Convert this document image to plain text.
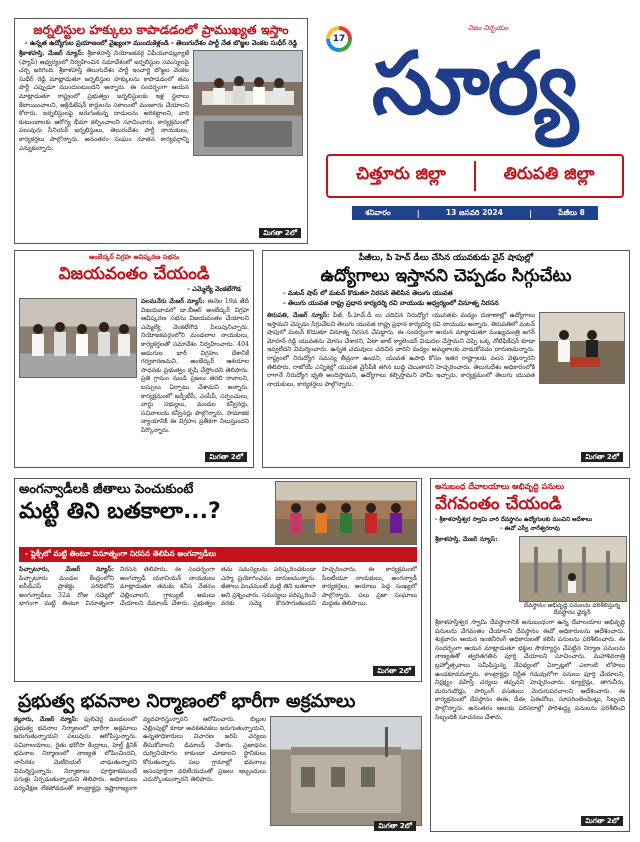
జర్నలిస్టుల హక్కులు కాపాడడంలో ప్రాముఖ్యత ఇస్తాం
- ఉన్నత ఉద్యోగుల ప్రయాణంలో వైఖ్యంగా ముందుకెళ్లండి - తెలుగుదేశం పార్టీ నేత బొజ్జల వెంకట సుధీర్ రెడ్డి
శ్రీకాళహస్తి, మేజర్ న్యూస్: శ్రీకాళహస్తి నియోజకవర్గ ఏపీయూడబ్ల్యూజే (ఫ్యాప్) ఆధ్వర్యంలో నిర్వహించిన సమావేశంలో జర్నలిస్టుల సమస్యలపై చర్చ జరిగింది. శ్రీకాళహస్తి తెలుగుదేశం పార్టీ ఇంచార్జి బొజ్జల వెంకట సుధీర్ రెడ్డి మాట్లాడుతూ జర్నలిస్టుల హక్కులను కాపాడడంలో తమ పార్టీ ఎప్పుడూ ముందుంటుందని అన్నారు. ఈ సందర్భంగా ఆయన మాట్లాడుతూ రాష్ట్రంలో ప్రభుత్వం జర్నలిస్టులకు ఇళ్ల స్థలాలు కేటాయించాలని, అక్రిడిటేషన్ కార్డులను సకాలంలో మంజూరు చేయాలని కోరారు. జర్నలిస్టులపై జరుగుతున్న దాడులను అరికట్టాలని, వారి కుటుంబాలకు ఆరోగ్య భీమా కల్పించాలని సూచించారు. కార్యక్రమంలో పలువురు సీనియర్ జర్నలిస్టులు, తెలుగుదేశం పార్టీ నాయకులు, కార్యకర్తలు పాల్గొన్నారు. అనంతరం సంఘం నూతన కార్యవర్గాన్ని ఎన్నుకున్నారు.
మిగతా 2లో
17
నిజం నిర్భయం
సూర్య
చిత్తూరు జిల్లా	తిరుపతి జిల్లా
శనివారం	|	13 జనవరి 2024	|	పేజీలు 8
అంబేద్కర్ విగ్రహ ఆవిష్కరణ సభను
విజయవంతం చేయండి
- ఎమ్మెల్యే వెంకటేగౌడ
పలమనేరు మేజర్ న్యూస్: ఈనెల 19వ తేదీ విజయవాడలో డా.బీఆర్ అంబేద్కర్ విగ్రహ ఆవిష్కరణ సభను విజయవంతం చేయాలని ఎమ్మెల్యే వెంకటేగౌడ పిలుపునిచ్చారు. నియోజకవర్గంలోని మండలాల నాయకులు, కార్యకర్తలతో సమావేశం నిర్వహించారు. 404 అడుగుల భారీ విగ్రహం దేశానికే గర్వకారణమని, అంబేద్కర్ ఆశయాల సాధనకు ప్రభుత్వం కృషి చేస్తోందని తెలిపారు. ప్రతి గ్రామం నుండి ప్రజలు తరలి రావాలని, బస్సులు ఏర్పాటు చేశామని అన్నారు. కార్యక్రమంలో జడ్పీటీసీ, ఎంపీపీ, సర్పంచులు, వార్డు సభ్యులు, మండల కన్వీనర్లు, సచివాలయ కన్వీనర్లు పాల్గొన్నారు. సామాజిక న్యాయానికి ఈ విగ్రహం ప్రతీకగా నిలుస్తుందని పేర్కొన్నారు.
మిగతా 2లో
పీజీలు, పి హెచ్ డీలు చేసిన యువకుడు వైన్ షాపుల్లో
ఉద్యోగాలు ఇస్తానని చెప్పడం సిగ్గుచేటు
- మటన్ షాప్ లో మటన్ కొడుతూ నిరసన తెలిపిన తెలుగు యువత
- తెలుగు యువత రాష్ట్ర ప్రధాన కార్యదర్శి రవి నాయుడు ఆధ్వర్యంలో వినూత్న నిరసన
తిరుపతి, మేజర్ న్యూస్: పీజీ, పీ.హెచ్.డీ లు చదివిన నిరుద్యోగ యువతకు మద్యం దుకాణాల్లో ఉద్యోగాలు ఇస్తామని చెప్పడం సిగ్గుచేటని తెలుగు యువత రాష్ట్ర ప్రధాన కార్యదర్శి రవి నాయుడు అన్నారు. తిరుపతిలో మటన్ షాపులో మటన్ కొడుతూ వినూత్న నిరసన చేపట్టారు. ఈ సందర్భంగా ఆయన మాట్లాడుతూ ముఖ్యమంత్రి జగన్ మోహన్ రెడ్డి యువతను మోసం చేశారని, ఏటా జాబ్ క్యాలెండర్ విడుదల చేస్తామని చెప్పి ఒక్క నోటిఫికేషన్ కూడా ఇవ్వలేదని విమర్శించారు. ఉన్నత చదువులు చదివిన వారిని మద్యం అమ్మకాలకు వాడుకోవడం దారుణమన్నారు. రాష్ట్రంలో నిరుద్యోగ సమస్య తీవ్రంగా ఉందని, యువత ఉపాధి కోసం ఇతర రాష్ట్రాలకు వలస వెళ్తున్నారని తెలిపారు. రాబోయే ఎన్నికల్లో యువత వైసీపీకి తగిన బుద్ధి చెబుతారని హెచ్చరించారు. తెలుగుదేశం అధికారంలోకి రాగానే నిరుద్యోగ భృతి అందిస్తామని, ఉద్యోగాలు కల్పిస్తామని హామీ ఇచ్చారు. కార్యక్రమంలో తెలుగు యువత నాయకులు, కార్యకర్తలు పాల్గొన్నారు.
మిగతా 2లో
అంగన్వాడీలకి జీతాలు పెంచుకుంటే
మట్టి తిని బతకాలా...?
- ఫ్లెక్సీలో మట్టి తింటూ వినూత్నంగా నిరసన తెలిపిన అంగన్వాడీలు
పిచ్చాటూరు, మేజర్ న్యూస్: పిచ్చాటూరు మండల కేంద్రంలోని ఐసీడీఎస్ ప్రాజెక్టు పరిధిలోని అంగన్వాడీలు 32వ రోజు సమ్మెలో భాగంగా మట్టి తింటూ వినూత్నంగా నిరసన తెలిపారు. ఈ సందర్భంగా అంగన్వాడీ యూనియన్ నాయకులు మాట్లాడుతూ తమకు కనీస వేతనం చెల్లించాలని, గ్రాట్యుటీ అమలు చేయాలని డిమాండ్ చేశారు. ప్రభుత్వం తమ సమస్యలను పరిష్కరించకుండా ఎస్మా ప్రయోగించడం దారుణమన్నారు. జీతాలు పెంచమంటే మట్టి తిని బతకాలా అని ప్రశ్నించారు. సమస్యలు పరిష్కరించే వరకు సమ్మె కొనసాగుతుందని హెచ్చరించారు. ఈ కార్యక్రమంలో సీఐటీయూ నాయకులు, అంగన్వాడీ కార్యకర్తలు, ఆయాలు పెద్ద సంఖ్యలో పాల్గొన్నారు. పలు ప్రజా సంఘాలు మద్దతు తెలిపాయి.
మిగతా 2లో
అనుబంధ దేవాలయాలు అభివృద్ధి పనులు
వేగవంతం చేయండి
- శ్రీకాళహస్తీశ్వర స్వామి వారి దేవస్థానం ఉద్యోగులకు మంచిని ఆదేశాలు
- ఈవో ఎస్వీ నాగేశ్వరరావు
శ్రీకాళహస్తి, మేజర్ న్యూస్:
దేవస్థానం అభివృద్ధి పనులను పరిశీలిస్తున్న దేవస్థానం ఛైర్మన్
శ్రీకాళహస్తీశ్వర స్వామి దేవస్థానానికి అనుబంధంగా ఉన్న దేవాలయాల అభివృద్ధి పనులను వేగవంతం చేయాలని దేవస్థానం ఈవో అధికారులను ఆదేశించారు. శుక్రవారం ఆయన ఇంజినీరింగ్ అధికారులతో కలిసి పనులను పరిశీలించారు. ఈ సందర్భంగా ఆయన మాట్లాడుతూ భక్తుల సౌకర్యార్థం చేపట్టిన నిర్మాణ పనులను నాణ్యతతో త్వరితగతిన పూర్తి చేయాలని సూచించారు. మహాశివరాత్రి బ్రహ్మోత్సవాలు సమీపిస్తున్న నేపథ్యంలో ఏర్పాట్లలో ఎలాంటి లోపాలు ఉండకూడదన్నారు. కాంట్రాక్టర్లు నిర్ణీత గడువులోగా పనులు పూర్తి చేయాలని, నిర్లక్ష్యం వహిస్తే చర్యలు తప్పవని హెచ్చరించారు. క్యూలైన్లు, తాగునీరు, మరుగుదొడ్లు, పార్కింగ్ వసతులు మెరుగుపరచాలని ఆదేశించారు. ఈ కార్యక్రమంలో దేవస్థానం ఈఈ, డీఈ, ఏఈవోలు, సూపరింటెండెంట్లు, సిబ్బంది పాల్గొన్నారు. అనంతరం ఆలయ పరిసరాల్లో పారిశుద్ధ్య పనులను పరిశీలించి సిబ్బందికి సూచనలు చేశారు.
మిగతా 2లో
ప్రభుత్వ భవనాల నిర్మాణంలో భారీగా అక్రమాలు
కల్లూరు, మేజర్ న్యూస్: పులిచెర్ల మండలంలో ప్రభుత్వ భవనాల నిర్మాణంలో భారీగా అక్రమాలు జరుగుతున్నాయని పలువురు ఆరోపిస్తున్నారు. సచివాలయాలు, రైతు భరోసా కేంద్రాలు, హెల్త్ క్లినిక్ భవనాల నిర్మాణంలో నాణ్యత లోపించిందని, నాసిరకం మెటీరియల్ వాడుతున్నారని విమర్శిస్తున్నారు. నిర్మాణాలు పూర్తికాకముందే పగుళ్లు ఏర్పడుతున్నాయని తెలిపారు. అధికారులు పర్యవేక్షణ లేకపోవడంతో కాంట్రాక్టర్లు ఇష్టారాజ్యంగా వ్యవహరిస్తున్నారని ఆరోపించారు. బిల్లుల చెల్లింపుల్లో కూడా అవకతవకలు జరుగుతున్నాయని, ఉన్నతాధికారులు విచారణ జరిపి చర్యలు తీసుకోవాలని డిమాండ్ చేశారు. ప్రజాధనం దుర్వినియోగం కాకుండా చూడాలని స్థానికులు కోరుతున్నారు. పలు గ్రామాల్లో భవనాలు అసంపూర్తిగా వదిలేయడంతో ప్రజలు ఇబ్బందులు ఎదుర్కొంటున్నారని తెలిపారు.
మిగతా 2లో
